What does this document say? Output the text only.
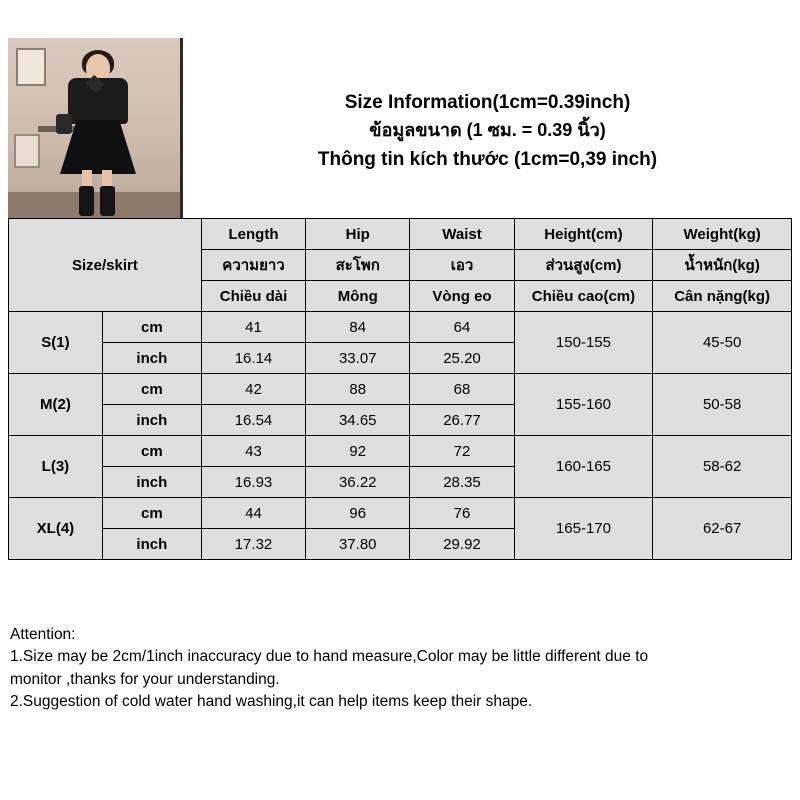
Size Information(1cm=0.39inch)
ข้อมูลขนาด (1 ซม. = 0.39 นิ้ว)
Thông tin kích thước (1cm=0,39 inch)
Size/skirt		Length	Hip	Waist	Height(cm)	Weight(kg)
		ความยาว	สะโพก	เอว	ส่วนสูง(cm)	น้ำหนัก(kg)
		Chiều dài	Mông	Vòng eo	Chiều cao(cm)	Cân nặng(kg)
S(1)	cm	41	84	64	150-155	45-50
	inch	16.14	33.07	25.20		
M(2)	cm	42	88	68	155-160	50-58
	inch	16.54	34.65	26.77		
L(3)	cm	43	92	72	160-165	58-62
	inch	16.93	36.22	28.35		
XL(4)	cm	44	96	76	165-170	62-67
	inch	17.32	37.80	29.92		
Attention:
1.Size may be 2cm/1inch inaccuracy due to hand measure,Color may be little different due to
monitor ,thanks for your understanding.
2.Suggestion of cold water hand washing,it can help items keep their shape.
